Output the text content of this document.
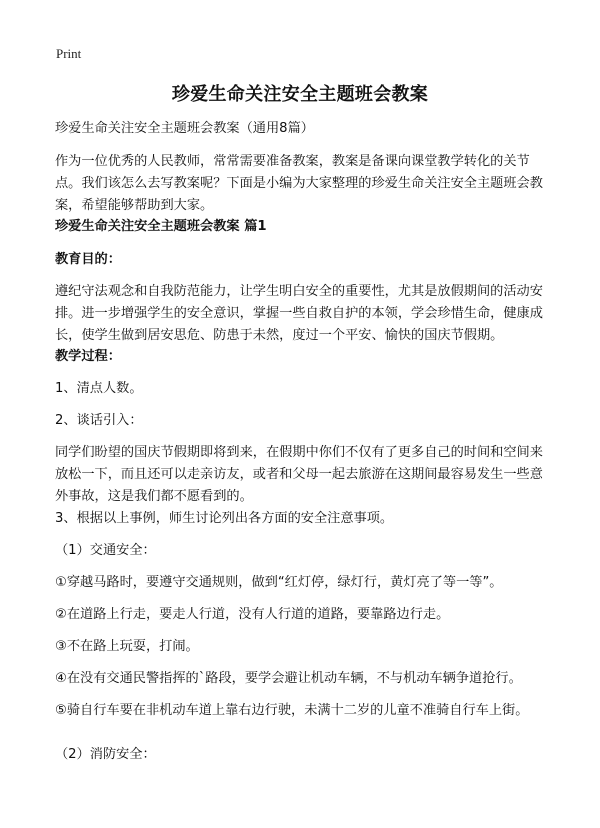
Print
珍爱生命关注安全主题班会教案

珍爱生命关注安全主题班会教案（通用8篇）

作为一位优秀的人民教师，常常需要准备教案，教案是备课向课堂教学转化的关节点。我们该怎么去写教案呢？下面是小编为大家整理的珍爱生命关注安全主题班会教案，希望能够帮助到大家。

珍爱生命关注安全主题班会教案 篇1

教育目的：

遵纪守法观念和自我防范能力，让学生明白安全的重要性，尤其是放假期间的活动安排。进一步增强学生的安全意识，掌握一些自救自护的本领，学会珍惜生命，健康成长，使学生做到居安思危、防患于未然，度过一个平安、愉快的国庆节假期。

教学过程：

1、清点人数。

2、谈话引入：

同学们盼望的国庆节假期即将到来，在假期中你们不仅有了更多自己的时间和空间来放松一下，而且还可以走亲访友，或者和父母一起去旅游在这期间最容易发生一些意外事故，这是我们都不愿看到的。

3、根据以上事例，师生讨论列出各方面的安全注意事项。

（1）交通安全：

①穿越马路时，要遵守交通规则，做到“红灯停，绿灯行，黄灯亮了等一等”。

②在道路上行走，要走人行道，没有人行道的道路，要靠路边行走。

③不在路上玩耍，打闹。

④在没有交通民警指挥的`路段，要学会避让机动车辆，不与机动车辆争道抢行。

⑤骑自行车要在非机动车道上靠右边行驶，未满十二岁的儿童不准骑自行车上街。

（2）消防安全：
